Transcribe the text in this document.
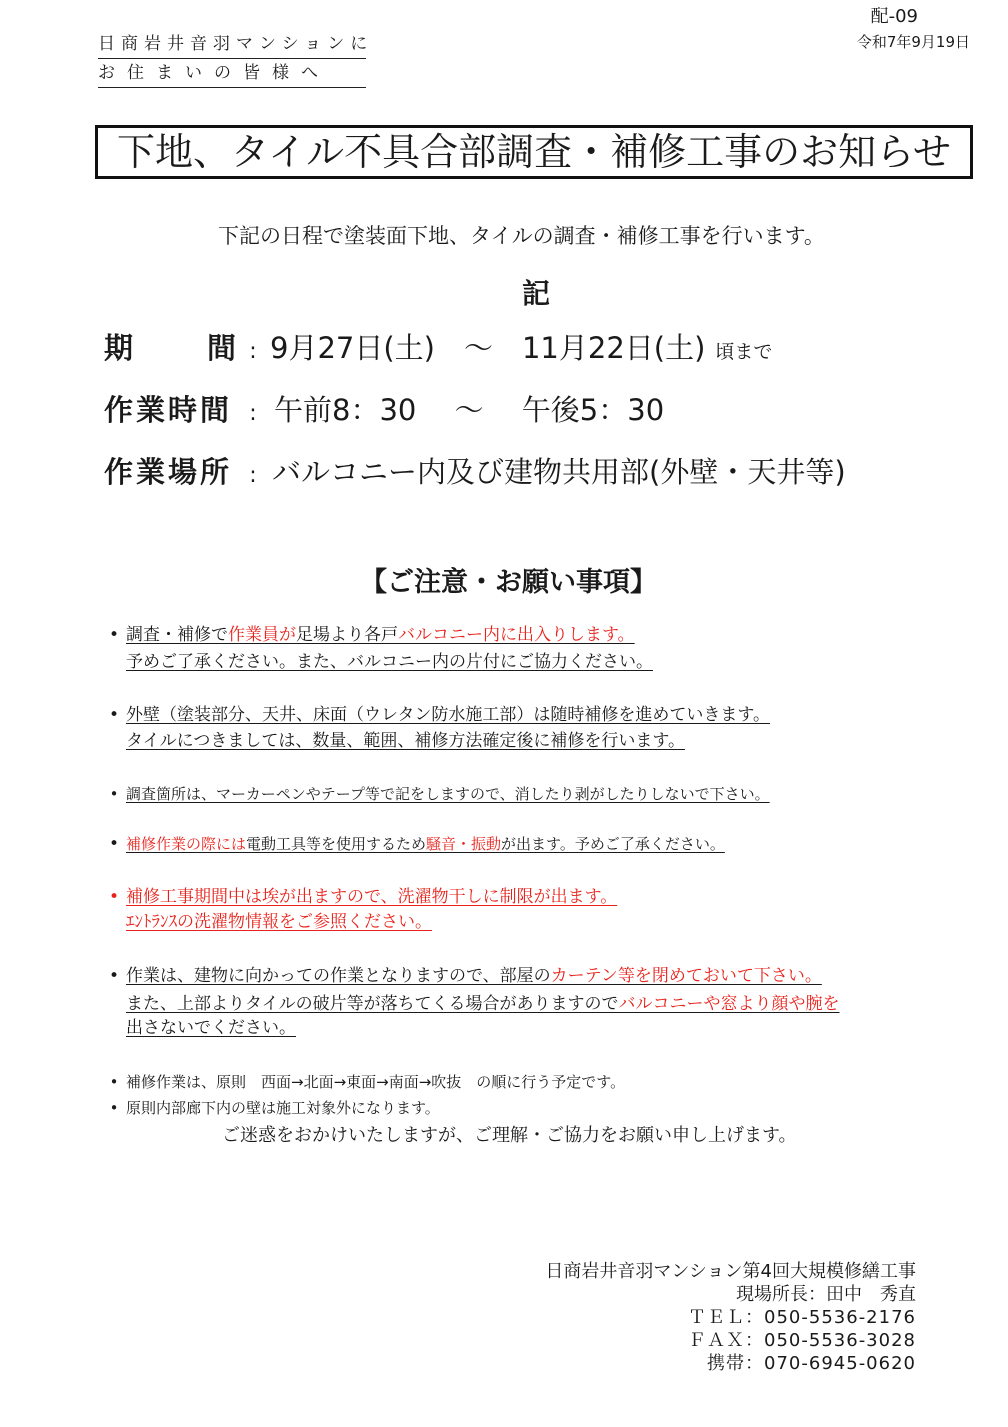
配-09
令和7年9月19日
日商岩井音羽マンションに
お住まいの皆様へ
下地、タイル不具合部調査・補修工事のお知らせ
下記の日程で塗装面下地、タイルの調査・補修工事を行います。
記
期 間 : 9月27日(土)　～　11月22日(土) 頃まで
作業時間 : 午前8：30　 ～ 　午後5：30
作業場所 : バルコニー内及び建物共用部(外壁・天井等)
【ご注意・お願い事項】
• 調査・補修で作業員が足場より各戸バルコニー内に出入りします。
予めご了承ください。また、バルコニー内の片付にご協力ください。
• 外壁（塗装部分、天井、床面（ウレタン防水施工部）は随時補修を進めていきます。
タイルにつきましては、数量、範囲、補修方法確定後に補修を行います。
• 調査箇所は、マーカーペンやテープ等で記をしますので、消したり剥がしたりしないで下さい。
• 補修作業の際には電動工具等を使用するため騒音・振動が出ます。予めご了承ください。
• 補修工事期間中は埃が出ますので、洗濯物干しに制限が出ます。
ｴﾝﾄﾗﾝｽの洗濯物情報をご参照ください。
• 作業は、建物に向かっての作業となりますので、部屋のカーテン等を閉めておいて下さい。
また、上部よりタイルの破片等が落ちてくる場合がありますのでバルコニーや窓より顔や腕を
出さないでください。
• 補修作業は、原則　西面→北面→東面→南面→吹抜　の順に行う予定です。
• 原則内部廊下内の壁は施工対象外になります。
ご迷惑をおかけいたしますが、ご理解・ご協力をお願い申し上げます。
日商岩井音羽マンション第4回大規模修繕工事
現場所長：田中　秀直
ＴＥＬ：050-5536-2176
ＦＡＸ：050-5536-3028
携帯：070-6945-0620
